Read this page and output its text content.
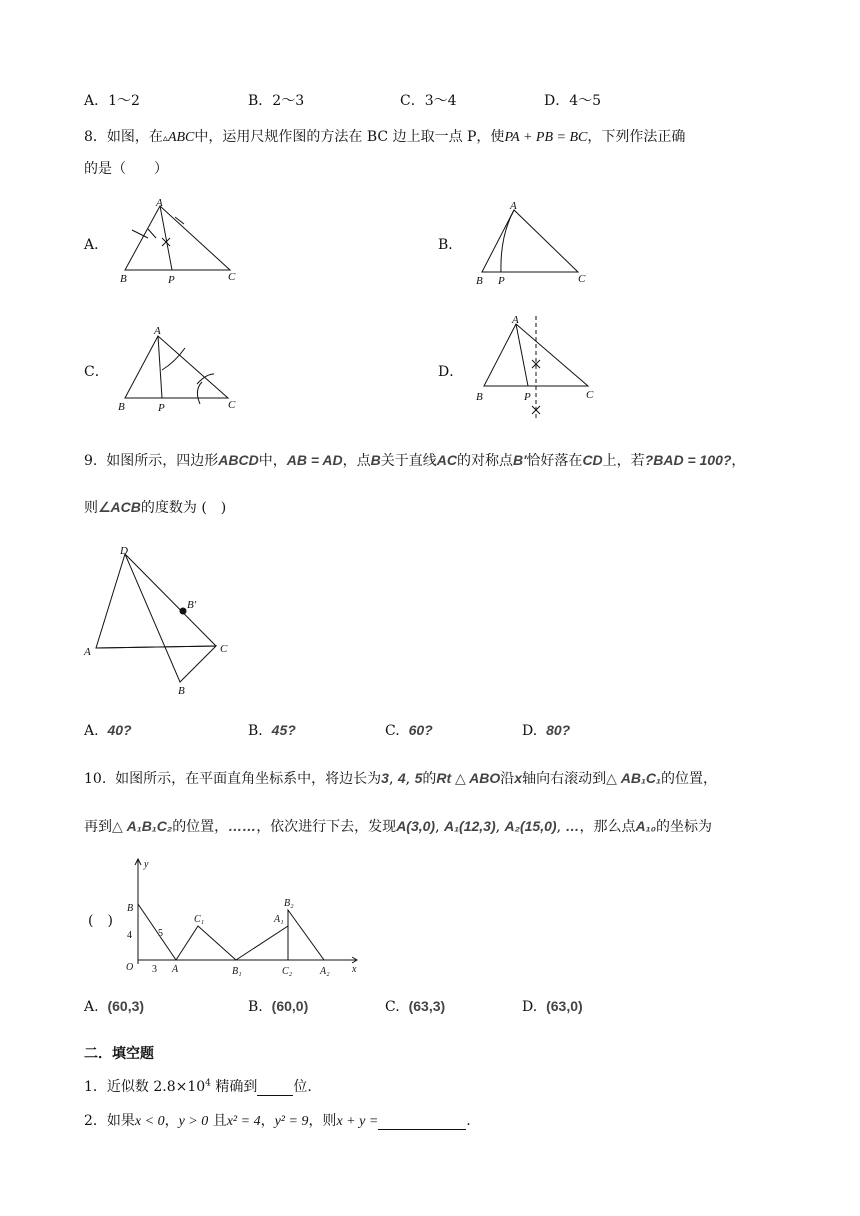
A．1～2	B．2～3	C．3～4	D．4～5
8．如图，在▵ABC中，运用尺规作图的方法在 BC 边上取一点 P，使PA + PB = BC，下列作法正确
的是（　　）
A．	B．
C．	D．
A
B	P	C
A
B P	C
A
B	P	C
A
B	P	C
9. 如图所示，四边形ABCD中，AB = AD，点B关于直线AC的对称点B′恰好落在CD上，若?BAD = 100?，
则∠ACB的度数为 (　)
D
B′
A	C
B
A. 40?	B. 45?	C. 60?	D. 80?
10. 如图所示，在平面直角坐标系中，将边长为3, 4, 5的Rt △ ABO沿x轴向右滚动到△ AB₁C₁的位置，
再到△ A₁B₁C₂的位置，……，依次进行下去，发现A(3,0), A₁(12,3), A₂(15,0), …，那么点A₁₀的坐标为
(　)
y
x
O 3
4	5
B
A
C₁
B₁
A₁
B₂
C₂	A₂
A. (60,3)	B. (60,0)	C. (63,3)	D. (63,0)
二．填空题
1．近似数 $2.8\times 10^4$ 精确到	位.
2．如果x < 0，y > 0 且x² = 4，y² = 9，则x + y =	.
